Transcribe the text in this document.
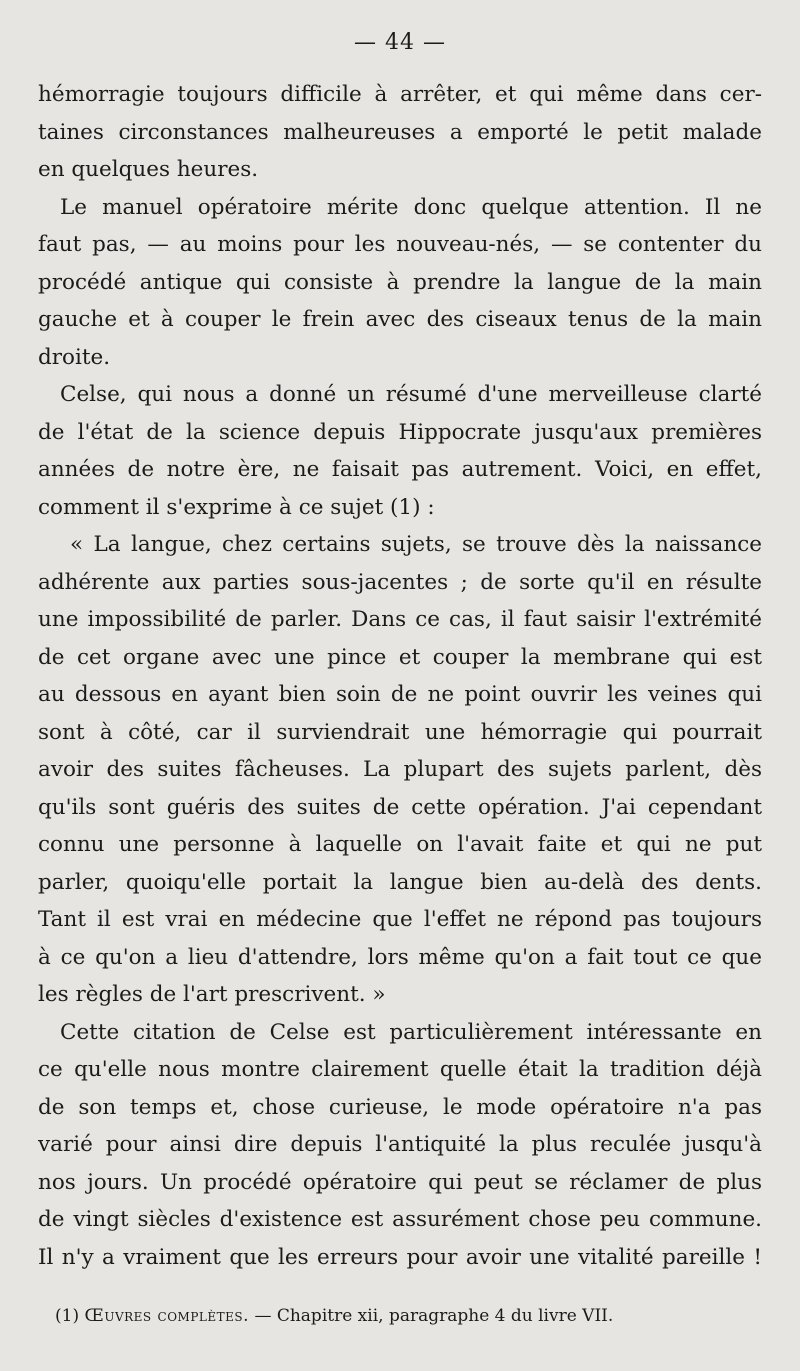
— 44 —
hémorragie toujours difficile à arrêter, et qui même dans cer-
taines circonstances malheureuses a emporté le petit malade
en quelques heures.
Le manuel opératoire mérite donc quelque attention. Il ne
faut pas, — au moins pour les nouveau-nés, — se contenter du
procédé antique qui consiste à prendre la langue de la main
gauche et à couper le frein avec des ciseaux tenus de la main
droite.
Celse, qui nous a donné un résumé d'une merveilleuse clarté
de l'état de la science depuis Hippocrate jusqu'aux premières
années de notre ère, ne faisait pas autrement. Voici, en effet,
comment il s'exprime à ce sujet (1) :
« La langue, chez certains sujets, se trouve dès la naissance
adhérente aux parties sous-jacentes ; de sorte qu'il en résulte
une impossibilité de parler. Dans ce cas, il faut saisir l'extrémité
de cet organe avec une pince et couper la membrane qui est
au dessous en ayant bien soin de ne point ouvrir les veines qui
sont à côté, car il surviendrait une hémorragie qui pourrait
avoir des suites fâcheuses. La plupart des sujets parlent, dès
qu'ils sont guéris des suites de cette opération. J'ai cependant
connu une personne à laquelle on l'avait faite et qui ne put
parler, quoiqu'elle portait la langue bien au-delà des dents.
Tant il est vrai en médecine que l'effet ne répond pas toujours
à ce qu'on a lieu d'attendre, lors même qu'on a fait tout ce que
les règles de l'art prescrivent. »
Cette citation de Celse est particulièrement intéressante en
ce qu'elle nous montre clairement quelle était la tradition déjà
de son temps et, chose curieuse, le mode opératoire n'a pas
varié pour ainsi dire depuis l'antiquité la plus reculée jusqu'à
nos jours. Un procédé opératoire qui peut se réclamer de plus
de vingt siècles d'existence est assurément chose peu commune.
Il n'y a vraiment que les erreurs pour avoir une vitalité pareille !
(1) Œuvres complètes. — Chapitre xii, paragraphe 4 du livre VII.
